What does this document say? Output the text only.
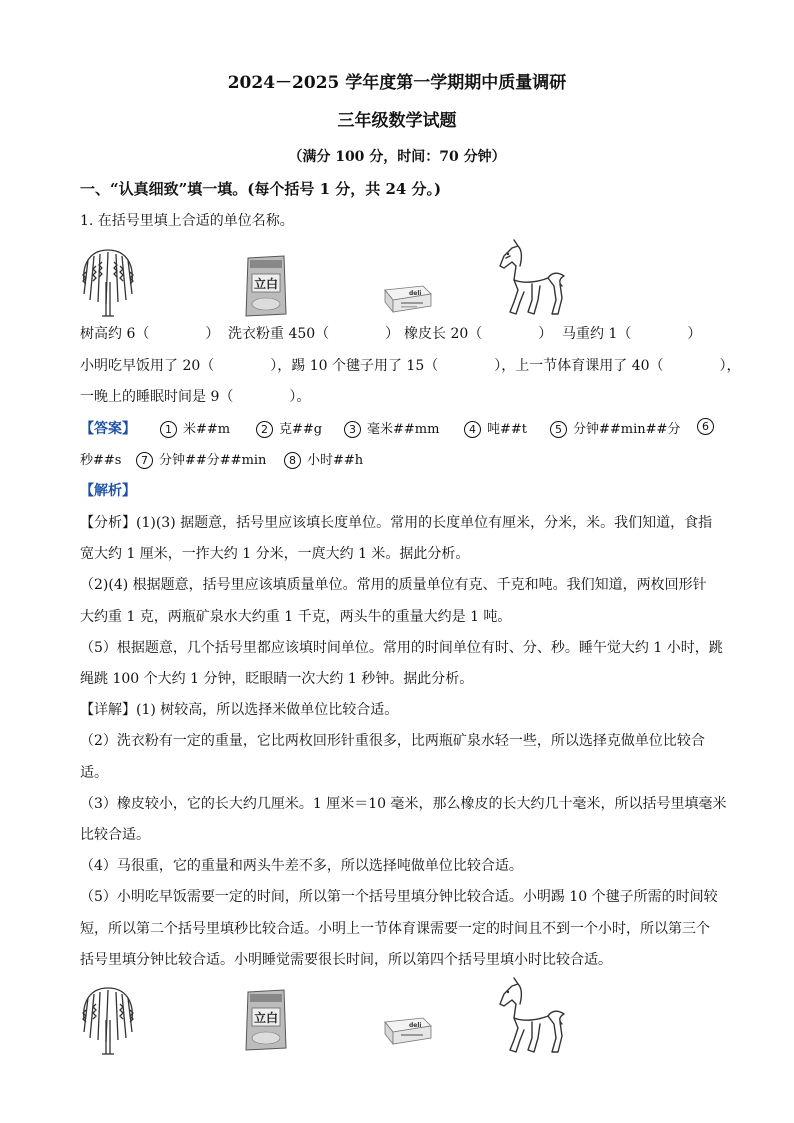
2024－2025 学年度第一学期期中质量调研
三年级数学试题
（满分 100 分，时间：70 分钟）
一、“认真细致”填一填。(每个括号 1 分，共 24 分。)
1. 在括号里填上合适的单位名称。
立白
deli
树高约 6（　　　　） 洗衣粉重 450（　　　　） 橡皮长 20（　　　　） 马重约 1（　　　　）
小明吃早饭用了 20（　　　　），踢 10 个毽子用了 15（　　　　），上一节体育课用了 40（　　　　），
一晚上的睡眠时间是 9（　　　　）。
【答案】	1 米##m	2 克##g	3 毫米##mm	4 吨##t	5 分钟##min##分	6
秒##s	7 分钟##分##min	8 小时##h
【解析】
【分析】(1)(3) 据题意，括号里应该填长度单位。常用的长度单位有厘米，分米，米。我们知道，食指
宽大约 1 厘米，一拃大约 1 分米，一庹大约 1 米。据此分析。
（2)(4) 根据题意，括号里应该填质量单位。常用的质量单位有克、千克和吨。我们知道，两枚回形针
大约重 1 克，两瓶矿泉水大约重 1 千克，两头牛的重量大约是 1 吨。
（5）根据题意，几个括号里都应该填时间单位。常用的时间单位有时、分、秒。睡午觉大约 1 小时，跳
绳跳 100 个大约 1 分钟，眨眼睛一次大约 1 秒钟。据此分析。
【详解】(1) 树较高，所以选择米做单位比较合适。
（2）洗衣粉有一定的重量，它比两枚回形针重很多，比两瓶矿泉水轻一些，所以选择克做单位比较合
适。
（3）橡皮较小，它的长大约几厘米。1 厘米＝10 毫米，那么橡皮的长大约几十毫米，所以括号里填毫米
比较合适。
（4）马很重，它的重量和两头牛差不多，所以选择吨做单位比较合适。
（5）小明吃早饭需要一定的时间，所以第一个括号里填分钟比较合适。小明踢 10 个毽子所需的时间较
短，所以第二个括号里填秒比较合适。小明上一节体育课需要一定的时间且不到一个小时，所以第三个
括号里填分钟比较合适。小明睡觉需要很长时间，所以第四个括号里填小时比较合适。
立白
deli
